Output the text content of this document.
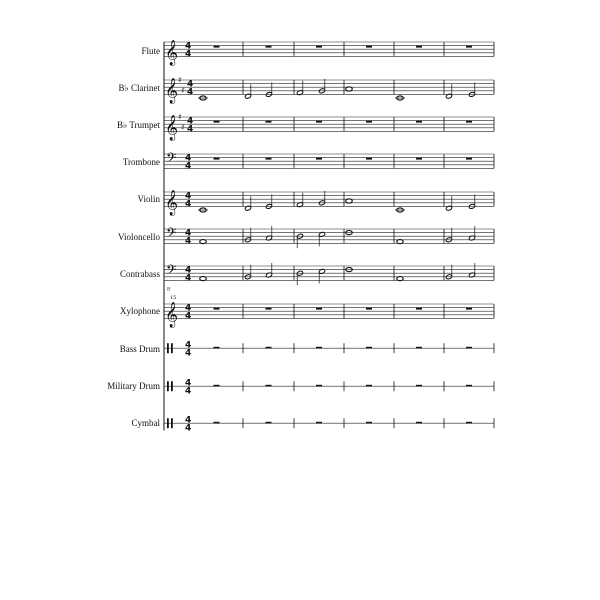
Flute
B♭ Clarinet
B♭ Trumpet
Trombone
Violin
Violoncello
Contrabass
Xylophone
Bass Drum
Military Drum
Cymbal
𝄞 4
4
𝄞 ♯
♯
4
4
𝄞 ♯
♯
4
4
𝄢 4
4
𝄞 4
4
𝄢 4
4
𝄢
8
4
4
𝄞
15
4
4
4
4
4
4
4
4
